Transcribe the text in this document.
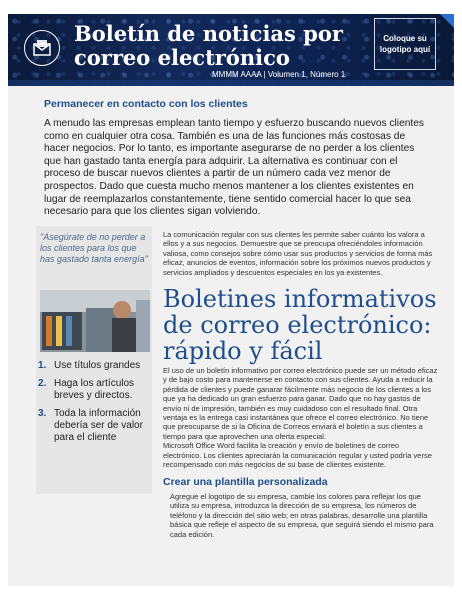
Boletín de noticias por correo electrónico
MMMM AAAA | Volumen 1, Número 1
Coloque su logotipo aquí
Permanecer en contacto con los clientes
A menudo las empresas emplean tanto tiempo y esfuerzo buscando nuevos clientes como en cualquier otra cosa. También es una de las funciones más costosas de hacer negocios. Por lo tanto, es importante asegurarse de no perder a los clientes que han gastado tanta energía para adquirir. La alternativa es continuar con el proceso de buscar nuevos clientes a partir de un número cada vez menor de prospectos. Dado que cuesta mucho menos mantener a los clientes existentes en lugar de reemplazarlos constantemente, tiene sentido comercial hacer lo que sea necesario para que los clientes sigan volviendo.
"Asegúrate de no perder a los clientes para los que has gastado tanta energía"
1. Use títulos grandes
2. Haga los artículos breves y directos.
3. Toda la información debería ser de valor para el cliente
La comunicación regular con sus clientes les permite saber cuánto los valora a ellos y a sus negocios. Demuestre que se preocupa ofreciéndoles información valiosa, como consejos sobre cómo usar sus productos y servicios de forma más eficaz, anuncios de eventos, información sobre los próximos nuevos productos y servicios ampliados y descuentos especiales en los ya existentes.
Boletines informativos de correo electrónico: rápido y fácil
El uso de un boletín informativo por correo electrónico puede ser un método eficaz y de bajo costo para mantenerse en contacto con sus clientes. Ayuda a reducir la pérdida de clientes y puede ganarar fácilmente más negocio de los clientes a los que ya ha dedicado un gran esfuerzo para ganar. Dado que no hay gastos de envío ni de impresión, también es muy cuidadoso con el resultado final. Otra ventaja es la entrega casi instantánea que ofrece el correo electrónico. No tiene que preocuparse de si la Oficina de Correos enviará el boletín a sus clientes a tiempo para que aprovechen una oferta especial.
Microsoft Office Word facilita la creación y envío de boletines de correo electrónico. Los clientes apreciarán la comunicación regular y usted podría verse recompensado con más negocios de su base de clientes existente.
Crear una plantilla personalizada
Agregue el logotipo de su empresa, cambie los colores para reflejar los que utiliza su empresa, introduzca la dirección de su empresa, los números de teléfono y la dirección del sitio web; en otras palabras, desarrolle una plantilla básica que refleje el aspecto de su empresa, que seguirá siendo el mismo para cada edición.
